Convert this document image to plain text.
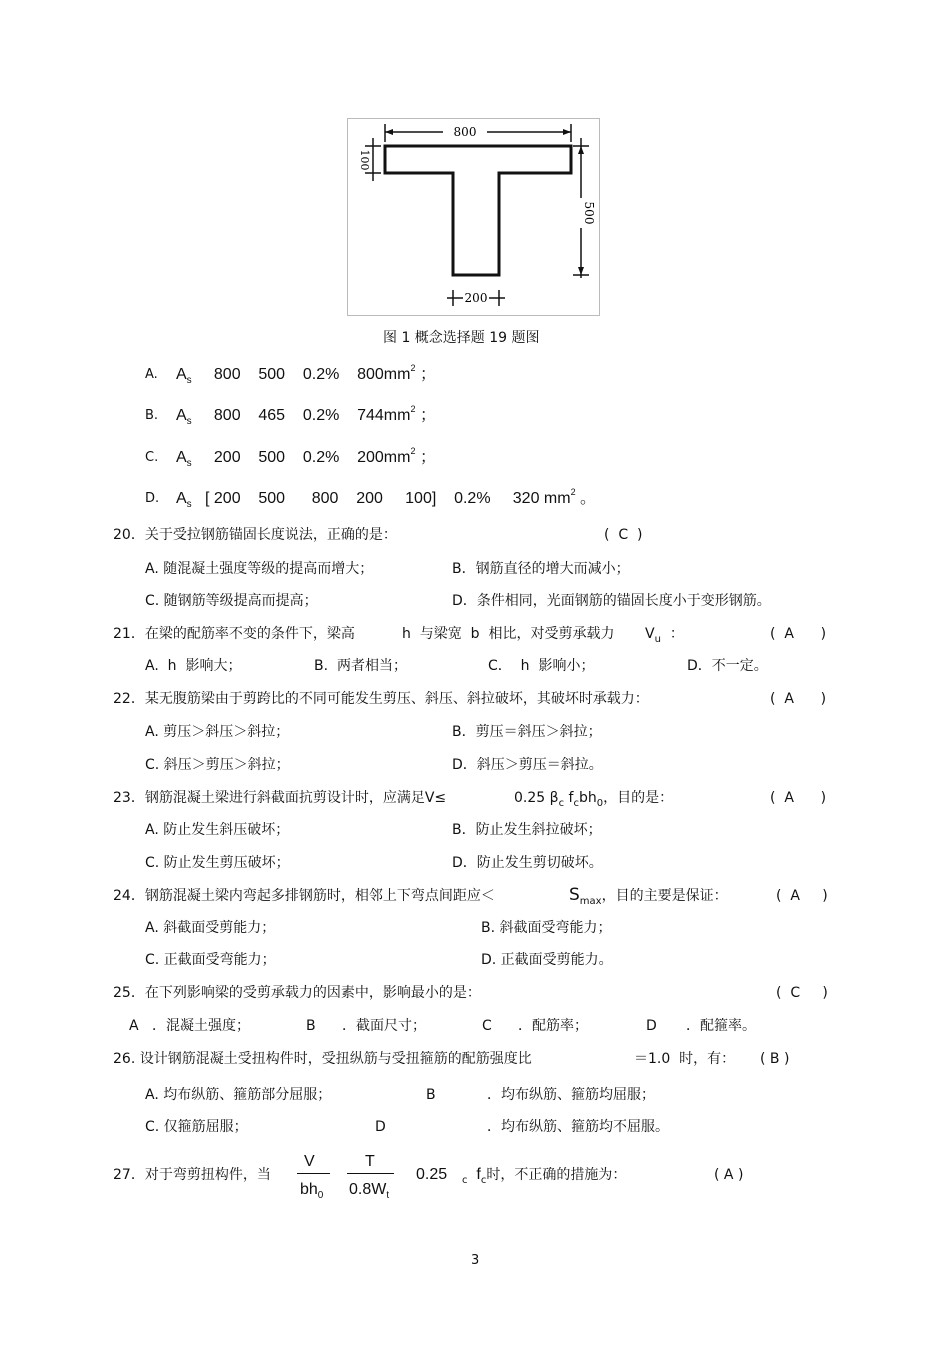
800
100
500
200
图 1 概念选择题 19 题图
A. $A_s$ 800    500    0.2%    $800mm^2$ ；
B. $A_s$ 800    465    0.2%    $744mm^2$ ；
C. $A_s$ 200    500    0.2%    $200mm^2$ ；
D. $A_s$ [ 200    500      800    200     100]    0.2%     320 $mm^2$ 。
20．关于受拉钢筋锚固长度说法，正确的是：	(  C  )
A. 随混凝土强度等级的提高而增大；	B．钢筋直径的增大而减小；
C. 随钢筋等级提高而提高；	D．条件相同，光面钢筋的锚固长度小于变形钢筋。
21．在梁的配筋率不变的条件下，梁高	h  与梁宽  b  相比，对受剪承载力 $V_u$ ：	(  A      )
A.  h  影响大；	B.  两者相当；	C．  h  影响小；	D．不一定。
22．某无腹筋梁由于剪跨比的不同可能发生剪压、斜压、斜拉破坏，其破坏时承载力：	(  A      )
A. 剪压＞斜压＞斜拉；	B．剪压＝斜压＞斜拉；
C. 斜压＞剪压＞斜拉；	D．斜压＞剪压＝斜拉。
23．钢筋混凝土梁进行斜截面抗剪设计时，应满足V≤	0.25 $\beta_c$ $f_cbh_0$，目的是：	(  A      )
A. 防止发生斜压破坏；	B．防止发生斜拉破坏；
C. 防止发生剪压破坏；	D．防止发生剪切破坏。
24．钢筋混凝土梁内弯起多排钢筋时，相邻上下弯点间距应＜	$S_{max}$，目的主要是保证：	(  A     )
A. 斜截面受剪能力；	B. 斜截面受弯能力；
C. 正截面受弯能力；	D. 正截面受剪能力。
25．在下列影响梁的受剪承载力的因素中，影响最小的是：	(  C     )
A ．混凝土强度；	B ．截面尺寸；	C ．配筋率；	D ．配箍率。
26. 设计钢筋混凝土受扭构件时，受扭纵筋与受扭箍筋的配筋强度比	＝1.0  时，有： ( B )
A. 均布纵筋、箍筋部分屈服；	B	．均布纵筋、箍筋均屈服；
C. 仅箍筋屈服；	D	．均布纵筋、箍筋均不屈服。
27．对于弯剪扭构件，当
V
$bh_0$
T
$0.8W_t$
0.25 $_c$ $f_c$时，不正确的措施为：	( A )
3
